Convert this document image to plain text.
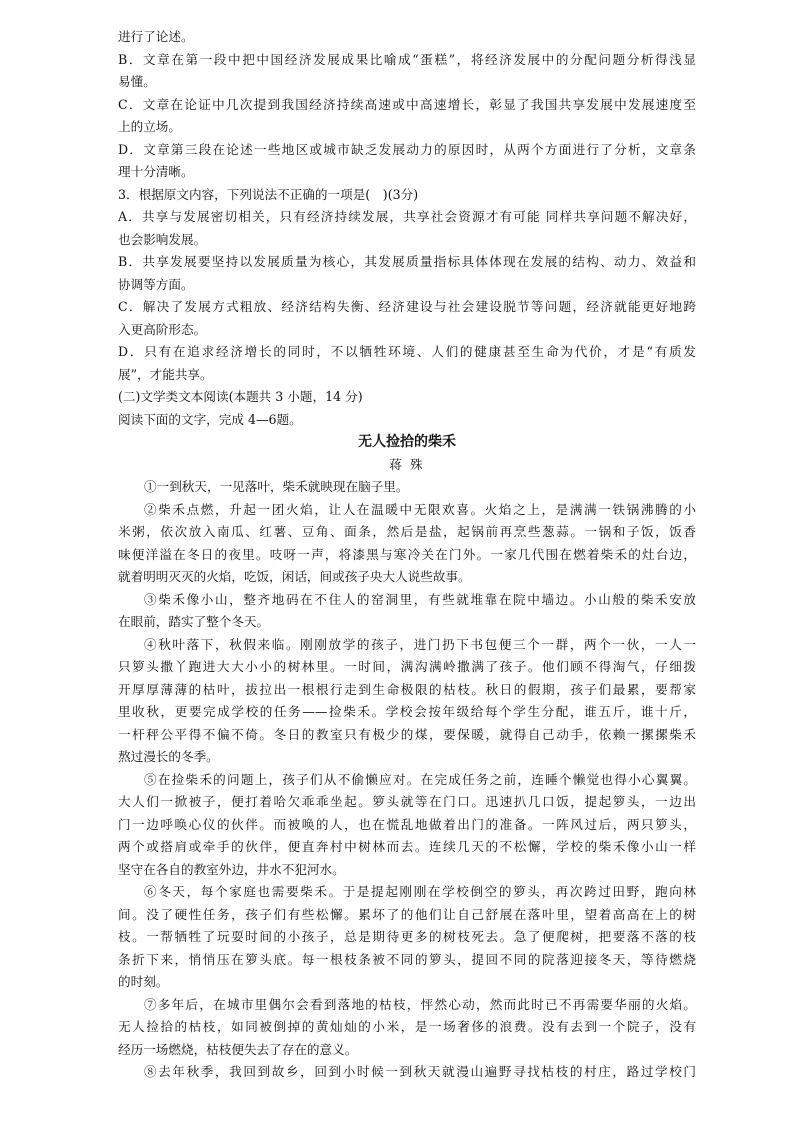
进行了论述。
B．文章在第一段中把中国经济发展成果比喻成“蛋糕”，将经济发展中的分配问题分析得浅显
易懂。
C．文章在论证中几次提到我国经济持续高速或中高速增长，彰显了我国共享发展中发展速度至
上的立场。
D．文章第三段在论述一些地区或城市缺乏发展动力的原因时，从两个方面进行了分析，文章条
理十分清晰。
3．根据原文内容，下列说法不正确的一项是(　)(3分)
A．共享与发展密切相关，只有经济持续发展，共享社会资源才有可能 同样共享问题不解决好，
也会影响发展。
B．共享发展要坚持以发展质量为核心，其发展质量指标具体体现在发展的结构、动力、效益和
协调等方面。
C．解决了发展方式粗放、经济结构失衡、经济建设与社会建设脱节等问题，经济就能更好地跨
入更高阶形态。
D．只有在追求经济增长的同时，不以牺牲环境、人们的健康甚至生命为代价，才是“有质发
展”，才能共享。
(二)文学类文本阅读(本题共 3 小题，14 分)
阅读下面的文字，完成 4—6题。
无人捡拾的柴禾
蒋 殊
①一到秋天，一见落叶，柴禾就映现在脑子里。
②柴禾点燃，升起一团火焰，让人在温暖中无限欢喜。火焰之上，是满满一铁锅沸腾的小
米粥，依次放入南瓜、红薯、豆角、面条，然后是盐，起锅前再烹些葱蒜。一锅和子饭，饭香
味便洋溢在冬日的夜里。吱呀一声，将漆黑与寒冷关在门外。一家几代围在燃着柴禾的灶台边，
就着明明灭灭的火焰，吃饭，闲话，间或孩子央大人说些故事。
③柴禾像小山，整齐地码在不住人的窑洞里，有些就堆靠在院中墙边。小山般的柴禾安放
在眼前，踏实了整个冬天。
④秋叶落下，秋假来临。刚刚放学的孩子，进门扔下书包便三个一群，两个一伙，一人一
只箩头撒丫跑进大大小小的树林里。一时间，满沟满岭撒满了孩子。他们顾不得淘气，仔细拨
开厚厚薄薄的枯叶，拔拉出一根根行走到生命极限的枯枝。秋日的假期，孩子们最累，要帮家
里收秋，更要完成学校的任务——捡柴禾。学校会按年级给每个学生分配，谁五斤，谁十斤，
一杆秤公平得不偏不倚。冬日的教室只有极少的煤，要保暖，就得自己动手，依赖一摞摞柴禾
熬过漫长的冬季。
⑤在捡柴禾的问题上，孩子们从不偷懒应对。在完成任务之前，连睡个懒觉也得小心翼翼。
大人们一掀被子，便打着哈欠乖乖坐起。箩头就等在门口。迅速扒几口饭，提起箩头，一边出
门一边呼唤心仪的伙伴。而被唤的人，也在慌乱地做着出门的准备。一阵风过后，两只箩头，
两个或搭肩或牵手的伙伴，便直奔村中树林而去。连续几天的不松懈，学校的柴禾像小山一样
坚守在各自的教室外边，井水不犯河水。
⑥冬天，每个家庭也需要柴禾。于是提起刚刚在学校倒空的箩头，再次跨过田野，跑向林
间。没了硬性任务，孩子们有些松懈。累坏了的他们让自己舒展在落叶里，望着高高在上的树
枝。一帮牺牲了玩耍时间的小孩子，总是期待更多的树枝死去。急了便爬树，把要落不落的枝
条折下来，悄悄压在箩头底。每一根枝条被不同的箩头，提回不同的院落迎接冬天，等待燃烧
的时刻。
⑦多年后，在城市里偶尔会看到落地的枯枝，怦然心动，然而此时已不再需要华丽的火焰。
无人捡拾的枯枝，如同被倒掉的黄灿灿的小米，是一场奢侈的浪费。没有去到一个院子，没有
经历一场燃烧，枯枝便失去了存在的意义。
⑧去年秋季，我回到故乡，回到小时候一到秋天就漫山遍野寻找枯枝的村庄，路过学校门
